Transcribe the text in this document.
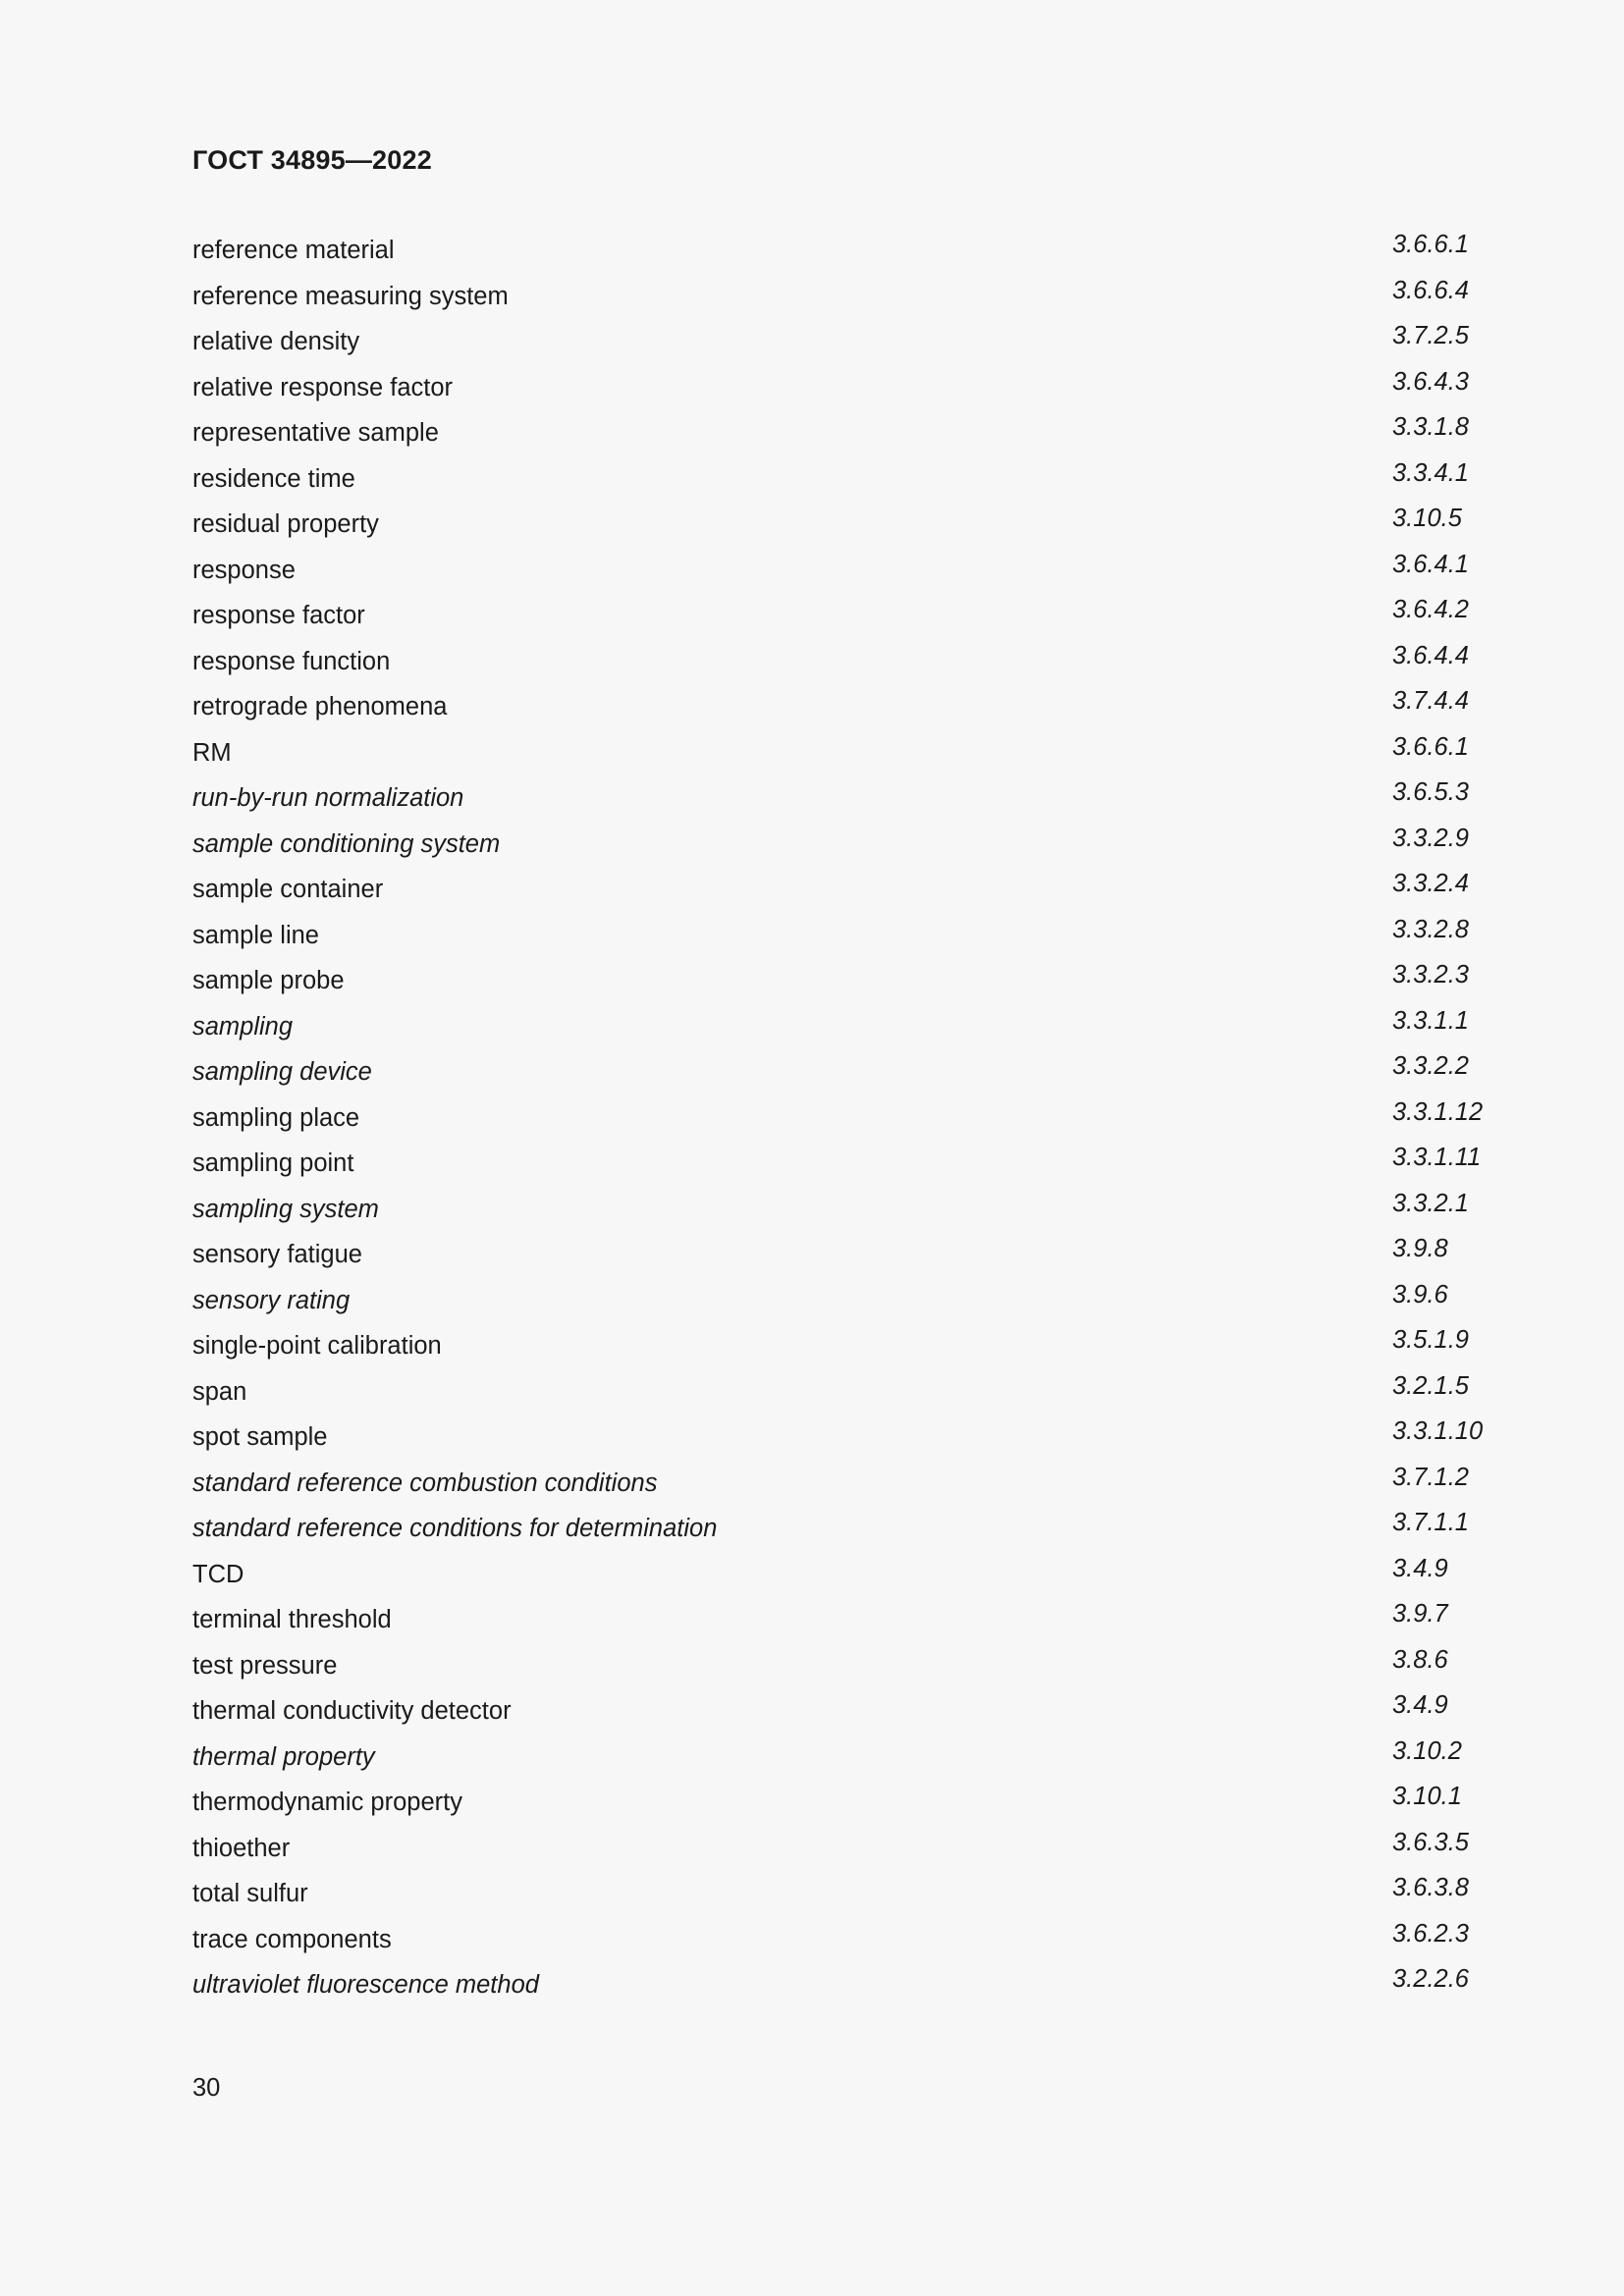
ГОСТ 34895—2022
reference material	3.6.6.1
reference measuring system	3.6.6.4
relative density	3.7.2.5
relative response factor	3.6.4.3
representative sample	3.3.1.8
residence time	3.3.4.1
residual property	3.10.5
response	3.6.4.1
response factor	3.6.4.2
response function	3.6.4.4
retrograde phenomena	3.7.4.4
RM	3.6.6.1
run-by-run normalization	3.6.5.3
sample conditioning system	3.3.2.9
sample container	3.3.2.4
sample line	3.3.2.8
sample probe	3.3.2.3
sampling	3.3.1.1
sampling device	3.3.2.2
sampling place	3.3.1.12
sampling point	3.3.1.11
sampling system	3.3.2.1
sensory fatigue	3.9.8
sensory rating	3.9.6
single-point calibration	3.5.1.9
span	3.2.1.5
spot sample	3.3.1.10
standard reference combustion conditions	3.7.1.2
standard reference conditions for determination	3.7.1.1
TCD	3.4.9
terminal threshold	3.9.7
test pressure	3.8.6
thermal conductivity detector	3.4.9
thermal property	3.10.2
thermodynamic property	3.10.1
thioether	3.6.3.5
total sulfur	3.6.3.8
trace components	3.6.2.3
ultraviolet fluorescence method	3.2.2.6
30
